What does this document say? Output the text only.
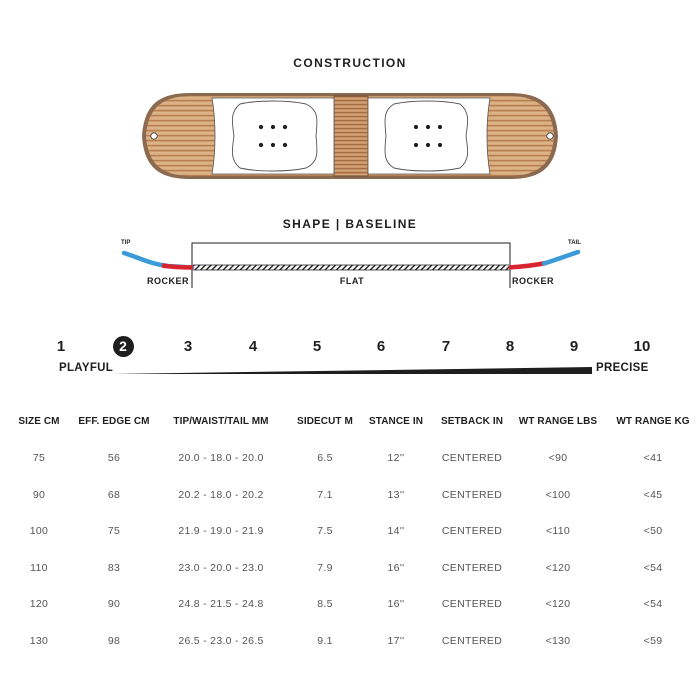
CONSTRUCTION
SHAPE | BASELINE
TIP	TAIL
ROCKER	FLAT	ROCKER
1	2	3	4	5	6	7	8	9	10
PLAYFUL	PRECISE
SIZE CM	EFF. EDGE CM	TIP/WAIST/TAIL MM	SIDECUT M	STANCE IN	SETBACK IN	WT RANGE LBS	WT RANGE KG
75	56	20.0 - 18.0 - 20.0	6.5	12''	CENTERED	<90	<41
90	68	20.2 - 18.0 - 20.2	7.1	13''	CENTERED	<100	<45
100	75	21.9 - 19.0 - 21.9	7.5	14''	CENTERED	<110	<50
110	83	23.0 - 20.0 - 23.0	7.9	16''	CENTERED	<120	<54
120	90	24.8 - 21.5 - 24.8	8.5	16''	CENTERED	<120	<54
130	98	26.5 - 23.0 - 26.5	9.1	17''	CENTERED	<130	<59
